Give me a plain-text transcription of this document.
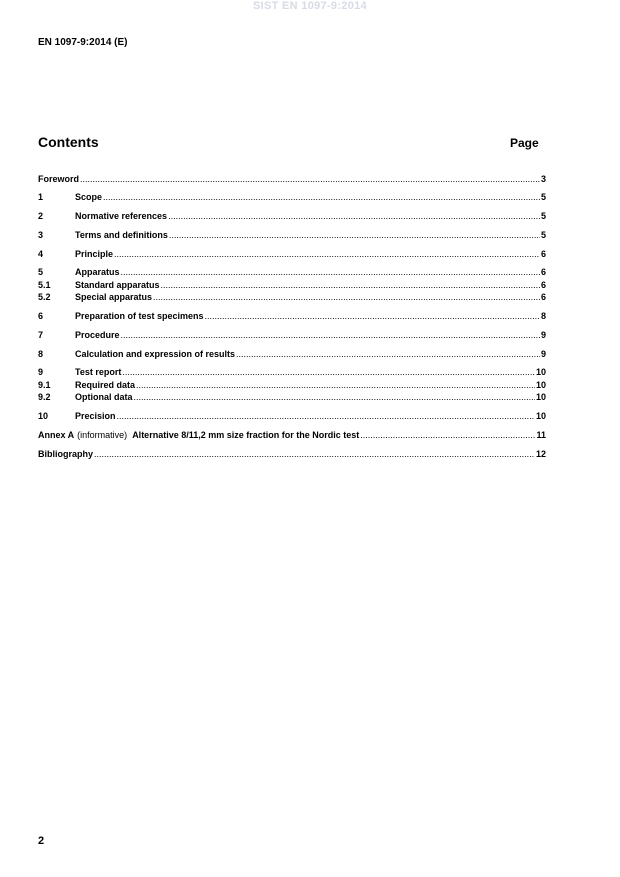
SIST EN 1097-9:2014
EN 1097-9:2014 (E)
Contents	Page
Foreword .....	3
1	Scope .....	5
2	Normative references .....	5
3	Terms and definitions .....	5
4	Principle .....	6
5	Apparatus .....	6
5.1	Standard apparatus .....	6
5.2	Special apparatus .....	6
6	Preparation of test specimens .....	8
7	Procedure .....	9
8	Calculation and expression of results .....	9
9	Test report .....	10
9.1	Required data .....	10
9.2	Optional data .....	10
10	Precision .....	10
Annex A (informative) Alternative 8/11,2 mm size fraction for the Nordic test .....	11
Bibliography .....	12
2
